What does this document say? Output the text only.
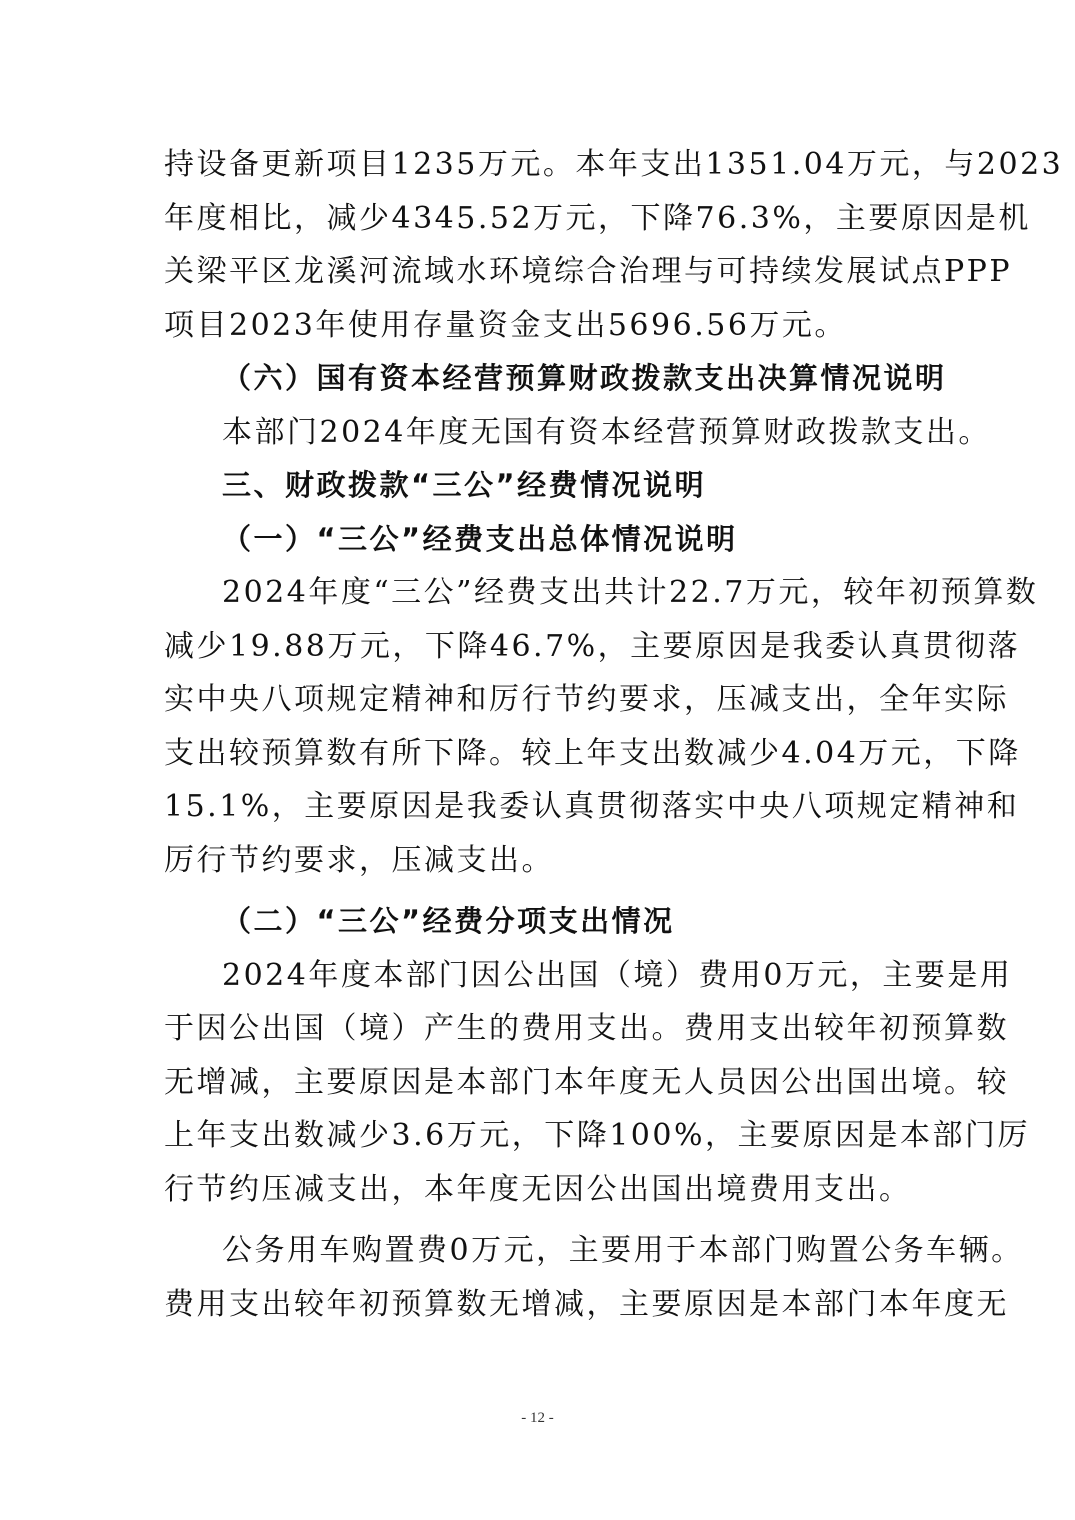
持设备更新项目1235万元。本年支出1351.04万元，与2023
年度相比，减少4345.52万元，下降76.3%，主要原因是机
关梁平区龙溪河流域水环境综合治理与可持续发展试点PPP
项目2023年使用存量资金支出5696.56万元。
（六）国有资本经营预算财政拨款支出决算情况说明
本部门2024年度无国有资本经营预算财政拨款支出。
三、财政拨款“三公”经费情况说明
（一）“三公”经费支出总体情况说明
2024年度“三公”经费支出共计22.7万元，较年初预算数
减少19.88万元，下降46.7%，主要原因是我委认真贯彻落
实中央八项规定精神和厉行节约要求，压减支出，全年实际
支出较预算数有所下降。较上年支出数减少4.04万元，下降
15.1%，主要原因是我委认真贯彻落实中央八项规定精神和
厉行节约要求，压减支出。
（二）“三公”经费分项支出情况
2024年度本部门因公出国（境）费用0万元，主要是用
于因公出国（境）产生的费用支出。费用支出较年初预算数
无增减，主要原因是本部门本年度无人员因公出国出境。较
上年支出数减少3.6万元，下降100%，主要原因是本部门厉
行节约压减支出，本年度无因公出国出境费用支出。
公务用车购置费0万元，主要用于本部门购置公务车辆。
费用支出较年初预算数无增减，主要原因是本部门本年度无
- 12 -
